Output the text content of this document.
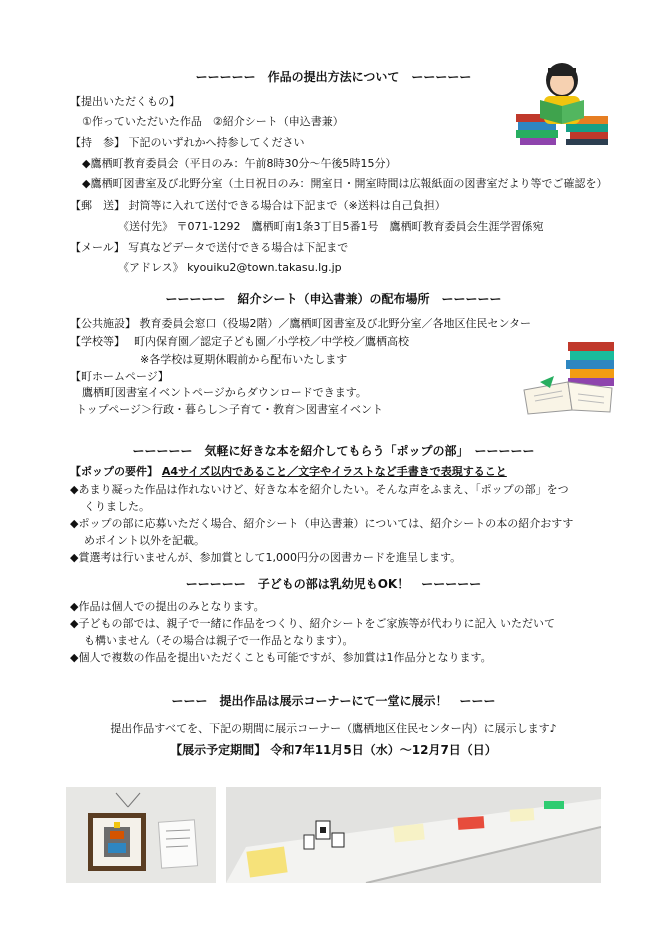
ーーーーー　作品の提出方法について　ーーーーー
【提出いただくもの】
①作っていただいた作品　②紹介シート（申込書兼）
【持　参】 下記のいずれかへ持参してください
◆鷹栖町教育委員会（平日のみ：午前8時30分～午後5時15分）
◆鷹栖町図書室及び北野分室（土日祝日のみ：開室日・開室時間は広報紙面の図書室だより等でご確認を）
【郵　送】 封筒等に入れて送付できる場合は下記まで（※送料は自己負担）
《送付先》 〒071-1292　鷹栖町南1条3丁目5番1号　鷹栖町教育委員会生涯学習係宛
【メール】 写真などデータで送付できる場合は下記まで
《アドレス》 kyouiku2@town.takasu.lg.jp
ーーーーー　紹介シート（申込書兼）の配布場所　ーーーーー
【公共施設】 教育委員会窓口（役場2階）／鷹栖町図書室及び北野分室／各地区住民センター
【学校等】　 町内保育園／認定子ども園／小学校／中学校／鷹栖高校
※各学校は夏期休暇前から配布いたします
【町ホームページ】
鷹栖町図書室イベントページからダウンロードできます。
トップページ＞行政・暮らし＞子育て・教育＞図書室イベント
ーーーーー　気軽に好きな本を紹介してもらう「ポップの部」　ーーーーー
【ポップの要件】 A4サイズ以内であること／文字やイラストなど手書きで表現すること
◆あまり凝った作品は作れないけど、好きな本を紹介したい。そんな声をふまえ、「ポップの部」をつ
くりました。
◆ポップの部に応募いただく場合、紹介シート（申込書兼）については、紹介シートの本の紹介おすす
めポイント以外を記載。
◆賞選考は行いませんが、参加賞として1,000円分の図書カードを進呈します。
ーーーーー　子どもの部は乳幼児もOK！　ーーーーー
◆作品は個人での提出のみとなります。
◆子どもの部では、親子で一緒に作品をつくり、紹介シートをご家族等が代わりに記入 いただいて
も構いません（その場合は親子で一作品となります）。
◆個人で複数の作品を提出いただくことも可能ですが、参加賞は1作品分となります。
ーーー　提出作品は展示コーナーにて一堂に展示！　ーーー
提出作品すべてを、下記の期間に展示コーナー（鷹栖地区住民センター内）に展示します♪
【展示予定期間】 令和7年11月5日（水）～12月7日（日）
